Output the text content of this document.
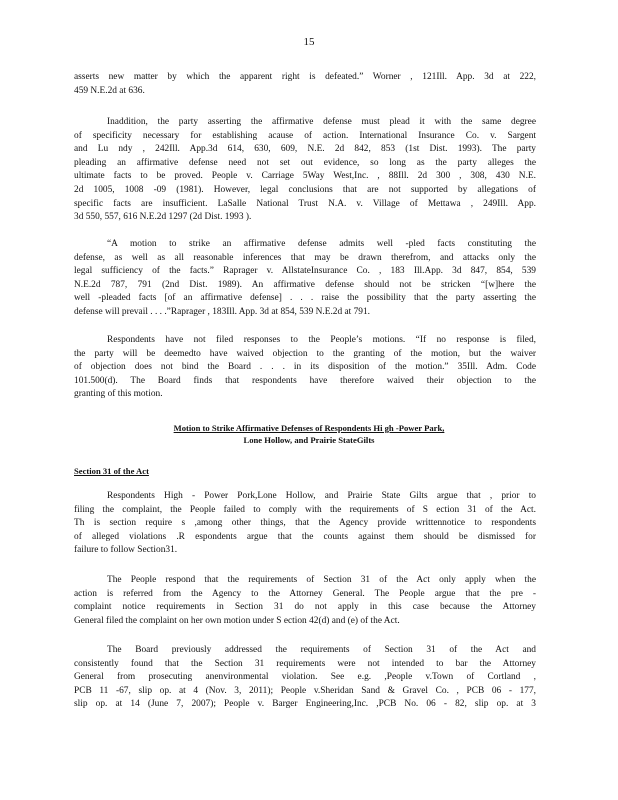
15
asserts new matter by which the apparent right is defeated.” Worner , 121Ill. App. 3d at 222,
459 N.E.2d at 636.
Inaddition, the party asserting the affirmative defense must plead it with the same degree
of specificity necessary for establishing acause of action. International Insurance Co. v. Sargent
and Lu ndy , 242Ill. App.3d 614, 630, 609, N.E. 2d 842, 853 (1st Dist. 1993). The party
pleading an affirmative defense need not set out evidence, so long as the party alleges the
ultimate facts to be proved. People v. Carriage 5Way West,Inc. , 88Ill. 2d 300 , 308, 430 N.E.
2d 1005, 1008 -09 (1981). However, legal conclusions that are not supported by allegations of
specific facts are insufficient. LaSalle National Trust N.A. v. Village of Mettawa , 249Ill. App.
3d 550, 557, 616 N.E.2d 1297 (2d Dist. 1993 ).
“A motion to strike an affirmative defense admits well -pled facts constituting the
defense, as well as all reasonable inferences that may be drawn therefrom, and attacks only the
legal sufficiency of the facts.” Raprager v. AllstateInsurance Co. , 183 Ill.App. 3d 847, 854, 539
N.E.2d 787, 791 (2nd Dist. 1989). An affirmative defense should not be stricken “[w]here the
well -pleaded facts [of an affirmative defense] . . . raise the possibility that the party asserting the
defense will prevail . . . .”Raprager , 183Ill. App. 3d at 854, 539 N.E.2d at 791.
Respondents have not filed responses to the People’s motions. “If no response is filed,
the party will be deemedto have waived objection to the granting of the motion, but the waiver
of objection does not bind the Board . . . in its disposition of the motion.” 35Ill. Adm. Code
101.500(d). The Board finds that respondents have therefore waived their objection to the
granting of this motion.
Motion to Strike Affirmative Defenses of Respondents Hi gh -Power Park,
Lone Hollow, and Prairie StateGilts
Section 31 of the Act
Respondents High - Power Pork,Lone Hollow, and Prairie State Gilts argue that , prior to
filing the complaint, the People failed to comply with the requirements of S ection 31 of the Act.
Th is section require s ,among other things, that the Agency provide writtennotice to respondents
of alleged violations .R espondents argue that the counts against them should be dismissed for
failure to follow Section31.
The People respond that the requirements of Section 31 of the Act only apply when the
action is referred from the Agency to the Attorney General. The People argue that the pre -
complaint notice requirements in Section 31 do not apply in this case because the Attorney
General filed the complaint on her own motion under S ection 42(d) and (e) of the Act.
The Board previously addressed the requirements of Section 31 of the Act and
consistently found that the Section 31 requirements were not intended to bar the Attorney
General from prosecuting anenvironmental violation. See e.g. ,People v.Town of Cortland ,
PCB 11 -67, slip op. at 4 (Nov. 3, 2011); People v.Sheridan Sand & Gravel Co. , PCB 06 - 177,
slip op. at 14 (June 7, 2007); People v. Barger Engineering,Inc. ,PCB No. 06 - 82, slip op. at 3
